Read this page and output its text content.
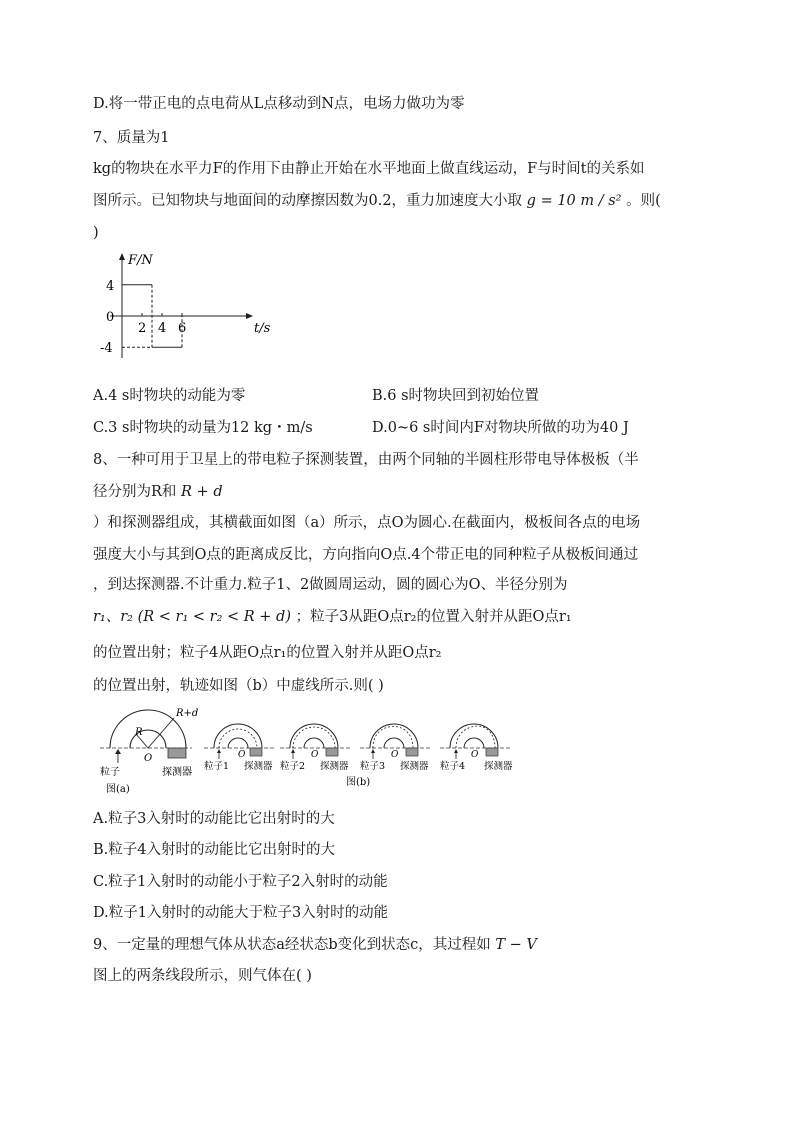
D.将一带正电的点电荷从L点移动到N点，电场力做功为零
7、质量为1
kg的物块在水平力F的作用下由静止开始在水平地面上做直线运动，F与时间t的关系如
图所示。已知物块与地面间的动摩擦因数为0.2，重力加速度大小取 g = 10 m / s² 。则(
)
F/N
t/s
4
0
-4
2 4 6
A.4 s时物块的动能为零	B.6 s时物块回到初始位置
C.3 s时物块的动量为12 kg・m/s	D.0~6 s时间内F对物块所做的功为40 J
8、一种可用于卫星上的带电粒子探测装置，由两个同轴的半圆柱形带电导体极板（半
径分别为R和 R + d
）和探测器组成，其横截面如图（a）所示，点O为圆心.在截面内，极板间各点的电场
强度大小与其到O点的距离成反比，方向指向O点.4个带正电的同种粒子从极板间通过
，到达探测器.不计重力.粒子1、2做圆周运动，圆的圆心为O、半径分别为
r₁、r₂ (R < r₁ < r₂ < R + d) ；粒子3从距O点r₂的位置入射并从距O点r₁
的位置出射；粒子4从距O点r₁的位置入射并从距O点r₂
的位置出射，轨迹如图（b）中虚线所示.则( )
R+d
R
O
粒子	探测器
图(a)
O
粒子1 探测器
O
粒子2 探测器
O
粒子3 探测器
O
粒子4 探测器
图(b)
A.粒子3入射时的动能比它出射时的大
B.粒子4入射时的动能比它出射时的大
C.粒子1入射时的动能小于粒子2入射时的动能
D.粒子1入射时的动能大于粒子3入射时的动能
9、一定量的理想气体从状态a经状态b变化到状态c，其过程如 T − V
图上的两条线段所示，则气体在( )
